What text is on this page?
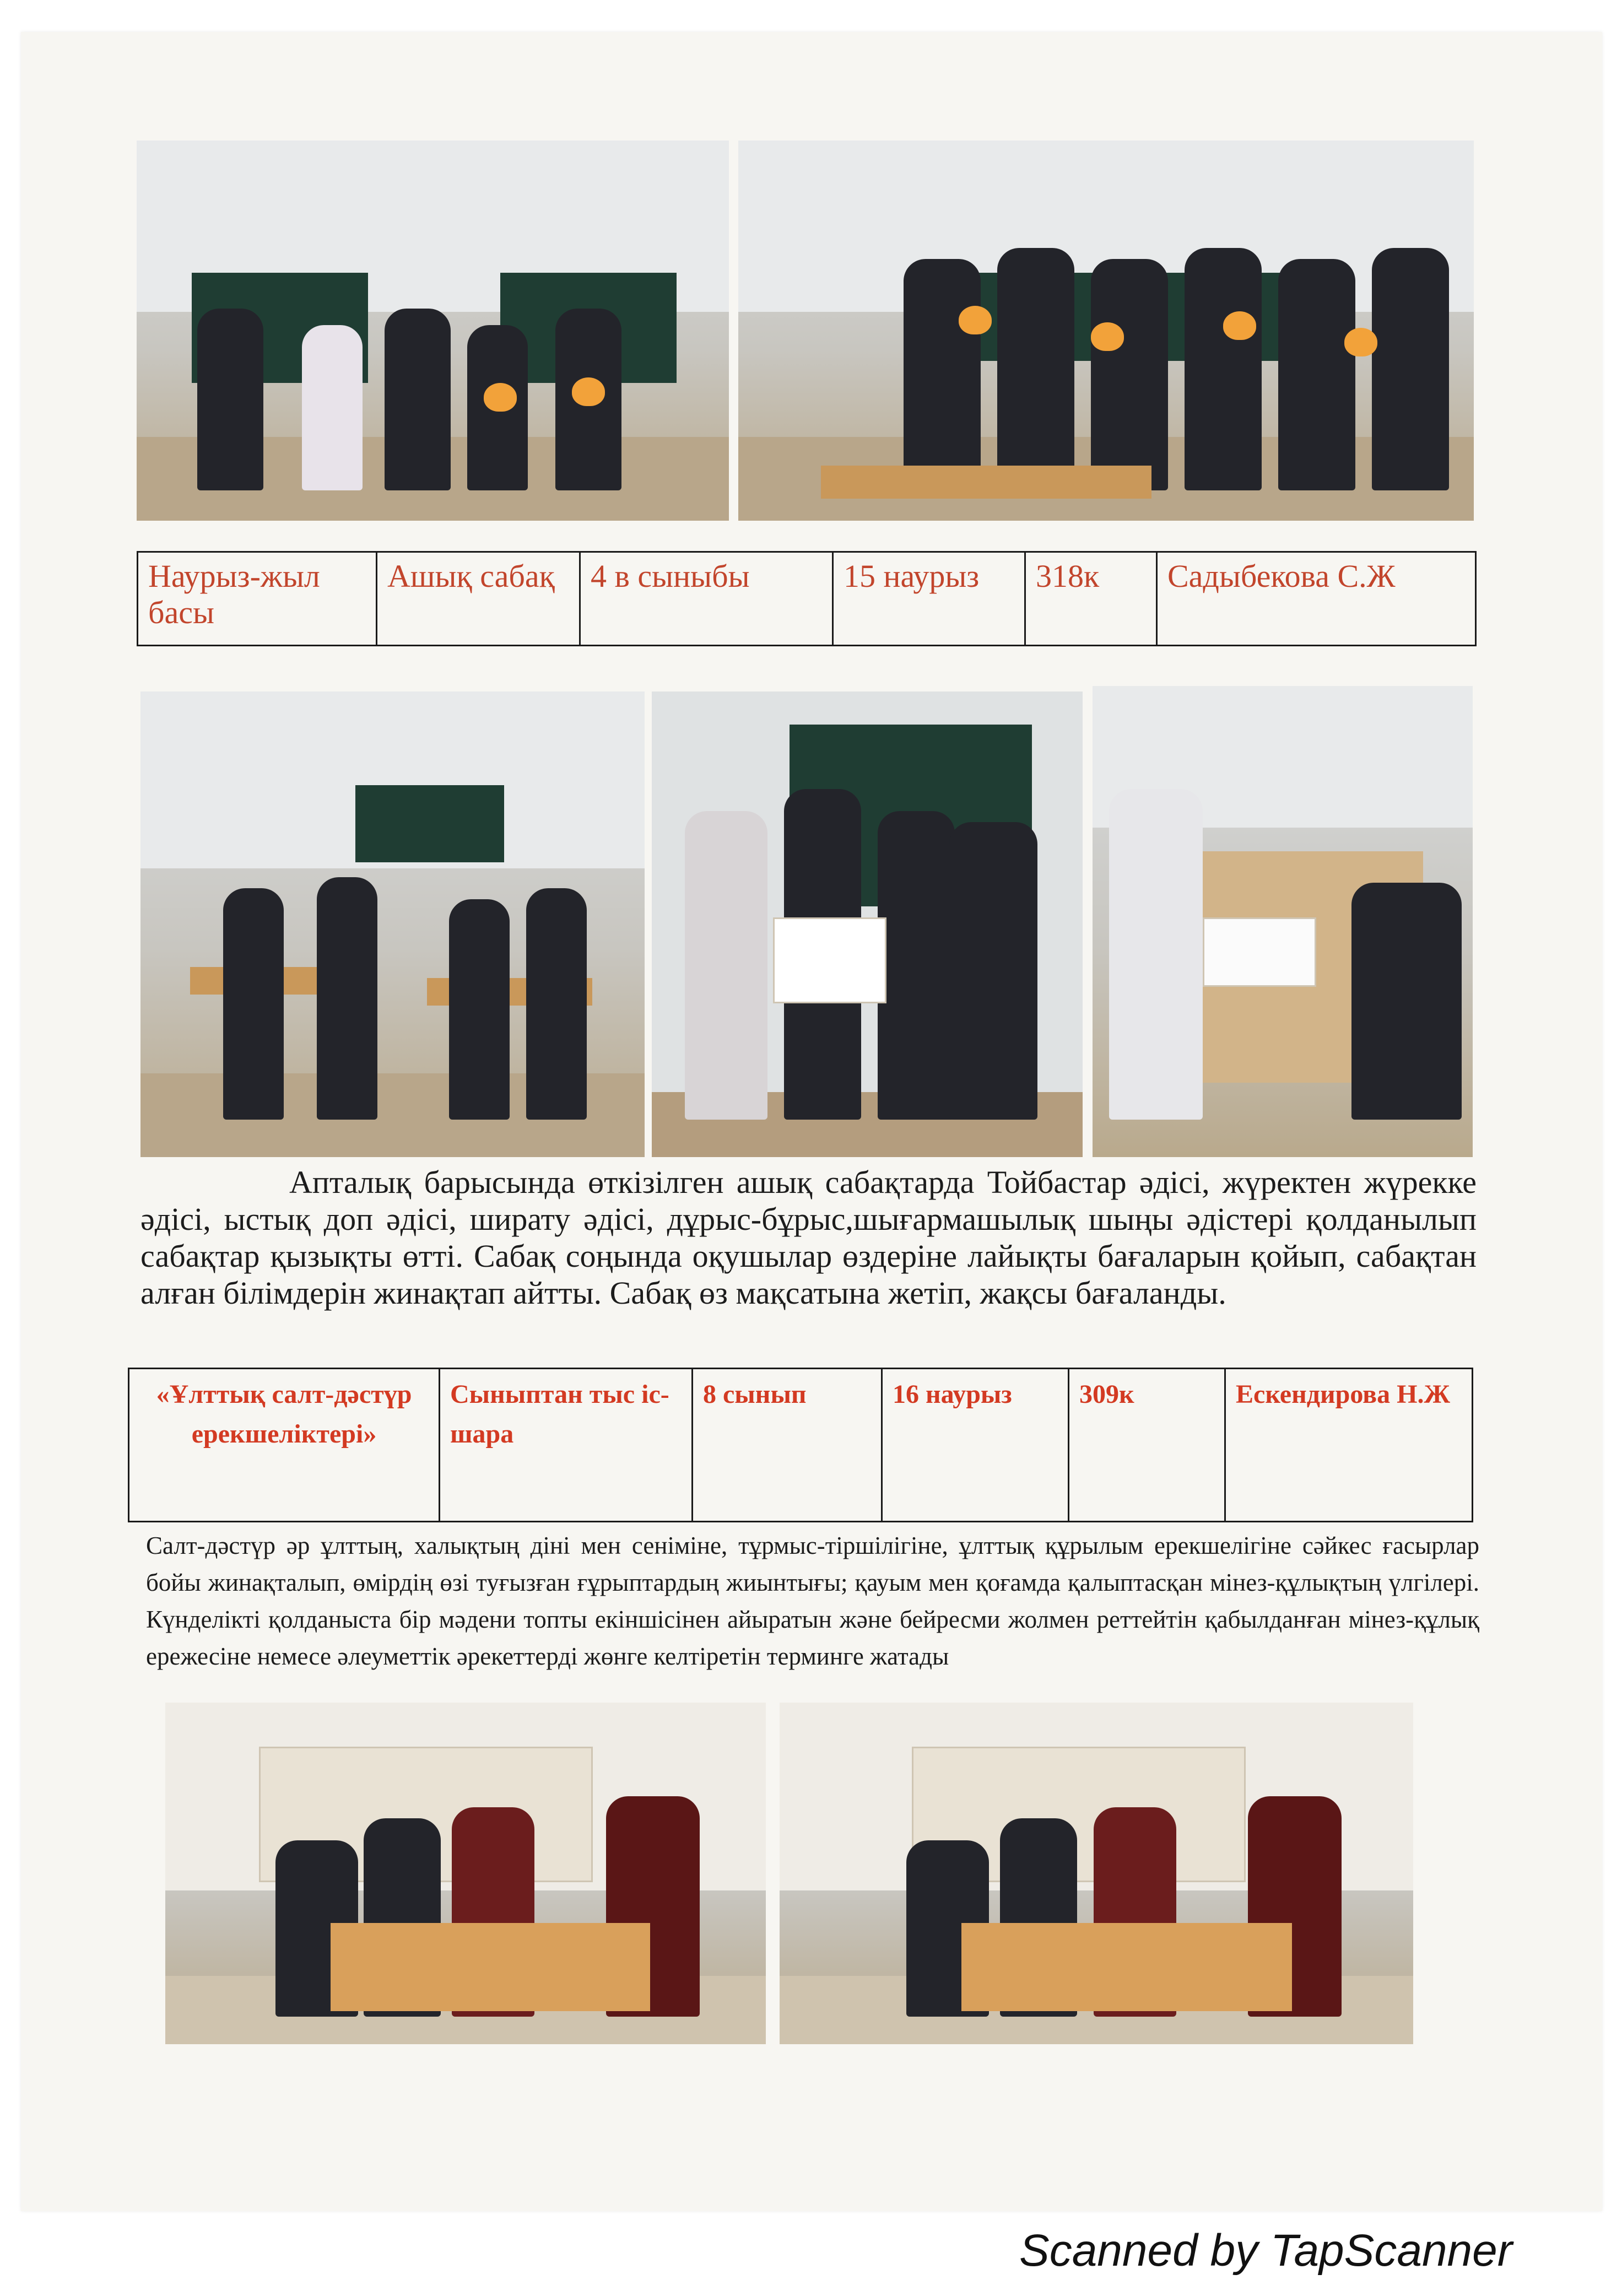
Наурыз-жыл басы	Ашық сабақ	4 в сыныбы	15 наурыз	318к	Садыбекова С.Ж
Апталық барысында өткізілген ашық сабақтарда Тойбастар әдісі, жүректен жүрекке әдісі, ыстық доп әдісі, ширату әдісі, дұрыс-бұрыс,шығармашылық шыңы әдістері қолданылып сабақтар қызықты өтті. Сабақ соңында оқушылар өздеріне лайықты бағаларын қойып, сабақтан алған білімдерін жинақтап айтты. Сабақ өз мақсатына жетіп, жақсы бағаланды.
«Ұлттық салт-дәстүр ерекшеліктері»	Сыныптан тыс іс-шара	8 сынып	16 наурыз	309к	Ескендирова Н.Ж
Салт-дәстүр әр ұлттың, халықтың діні мен сеніміне, тұрмыс-тіршілігіне, ұлттық құрылым ерекшелігіне сәйкес ғасырлар бойы жинақталып, өмірдің өзі туғызған ғұрыптардың жиынтығы; қауым мен қоғамда қалыптасқан мінез-құлықтың үлгілері. Күнделікті қолданыста бір мәдени топты екіншісінен айыратын және бейресми жолмен реттейтін қабылданған мінез-құлық ережесіне немесе әлеуметтік әрекеттерді жөнге келтіретін терминге жатады
Scanned by TapScanner
